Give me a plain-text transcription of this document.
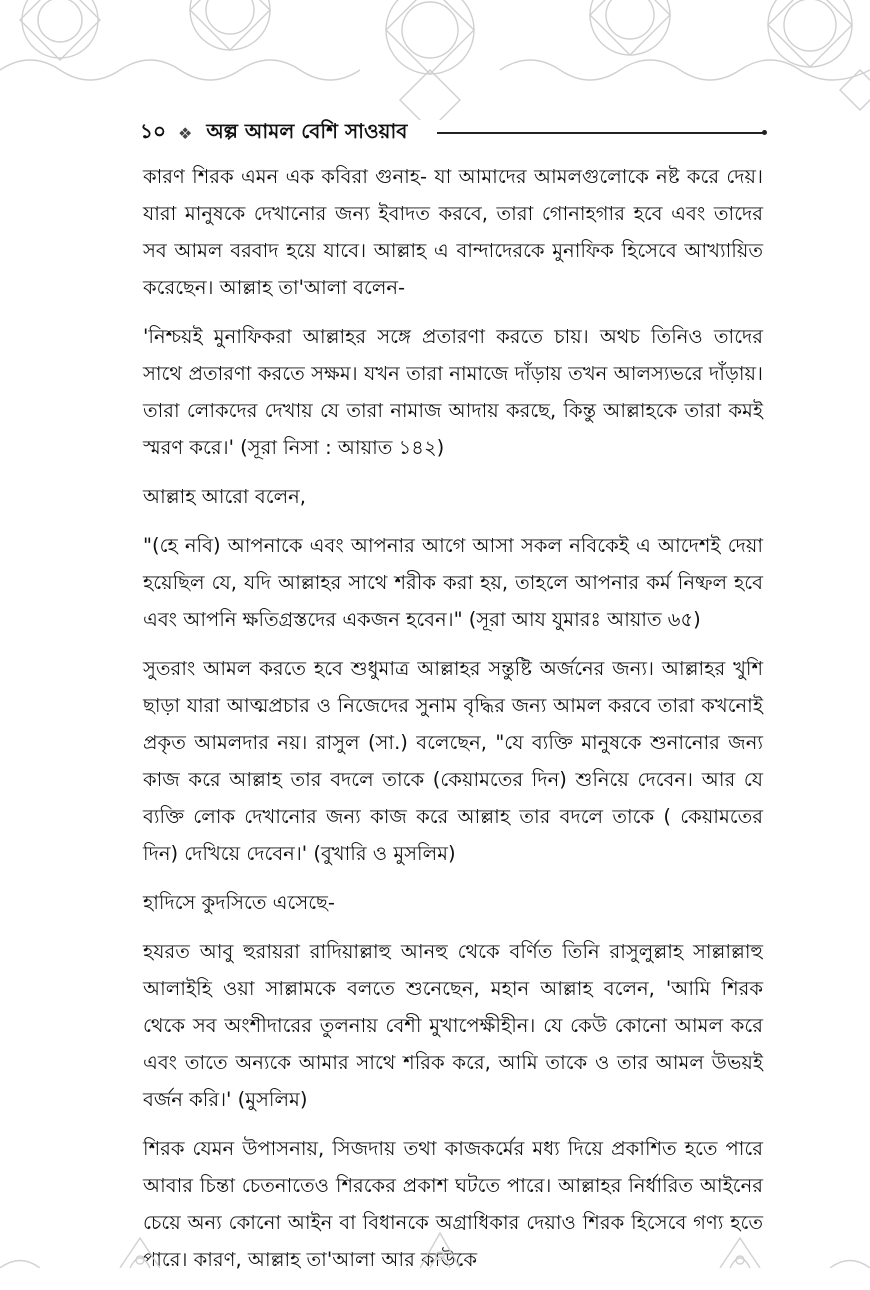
১০ ❖ অল্প আমল বেশি সাওয়াব

কারণ শিরক এমন এক কবিরা গুনাহ- যা আমাদের আমলগুলোকে নষ্ট করে দেয়। যারা মানুষকে দেখানোর জন্য ইবাদত করবে, তারা গোনাহগার হবে এবং তাদের সব আমল বরবাদ হয়ে যাবে। আল্লাহ এ বান্দাদেরকে মুনাফিক হিসেবে আখ্যায়িত করেছেন। আল্লাহ তা'আলা বলেন-

'নিশ্চয়ই মুনাফিকরা আল্লাহর সঙ্গে প্রতারণা করতে চায়। অথচ তিনিও তাদের সাথে প্রতারণা করতে সক্ষম। যখন তারা নামাজে দাঁড়ায় তখন আলস্যভরে দাঁড়ায়। তারা লোকদের দেখায় যে তারা নামাজ আদায় করছে, কিন্তু আল্লাহকে তারা কমই স্মরণ করে।' (সূরা নিসা : আয়াত ১৪২)

আল্লাহ আরো বলেন,

"(হে নবি) আপনাকে এবং আপনার আগে আসা সকল নবিকেই এ আদেশই দেয়া হয়েছিল যে, যদি আল্লাহর সাথে শরীক করা হয়, তাহলে আপনার কর্ম নিষ্ফল হবে এবং আপনি ক্ষতিগ্রস্তদের একজন হবেন।" (সূরা আয যুমারঃ আয়াত ৬৫)

সুতরাং আমল করতে হবে শুধুমাত্র আল্লাহর সন্তুষ্টি অর্জনের জন্য। আল্লাহর খুশি ছাড়া যারা আত্মপ্রচার ও নিজেদের সুনাম বৃদ্ধির জন্য আমল করবে তারা কখনোই প্রকৃত আমলদার নয়। রাসুল (সা.) বলেছেন, "যে ব্যক্তি মানুষকে শুনানোর জন্য কাজ করে আল্লাহ তার বদলে তাকে (কেয়ামতের দিন) শুনিয়ে দেবেন। আর যে ব্যক্তি লোক দেখানোর জন্য কাজ করে আল্লাহ তার বদলে তাকে ( কেয়ামতের দিন) দেখিয়ে দেবেন।' (বুখারি ও মুসলিম)

হাদিসে কুদসিতে এসেছে-

হযরত আবু হুরায়রা রাদিয়াল্লাহু আনহু থেকে বর্ণিত তিনি রাসুলুল্লাহ সাল্লাল্লাহু আলাইহি ওয়া সাল্লামকে বলতে শুনেছেন, মহান আল্লাহ বলেন, 'আমি শিরক থেকে সব অংশীদারের তুলনায় বেশী মুখাপেক্ষীহীন। যে কেউ কোনো আমল করে এবং তাতে অন্যকে আমার সাথে শরিক করে, আমি তাকে ও তার আমল উভয়ই বর্জন করি।' (মুসলিম)

শিরক যেমন উপাসনায়, সিজদায় তথা কাজকর্মের মধ্য দিয়ে প্রকাশিত হতে পারে আবার চিন্তা চেতনাতেও শিরকের প্রকাশ ঘটতে পারে। আল্লাহর নির্ধারিত আইনের চেয়ে অন্য কোনো আইন বা বিধানকে অগ্রাধিকার দেয়াও শিরক হিসেবে গণ্য হতে পারে। কারণ, আল্লাহ তা'আলা আর কাউকে
